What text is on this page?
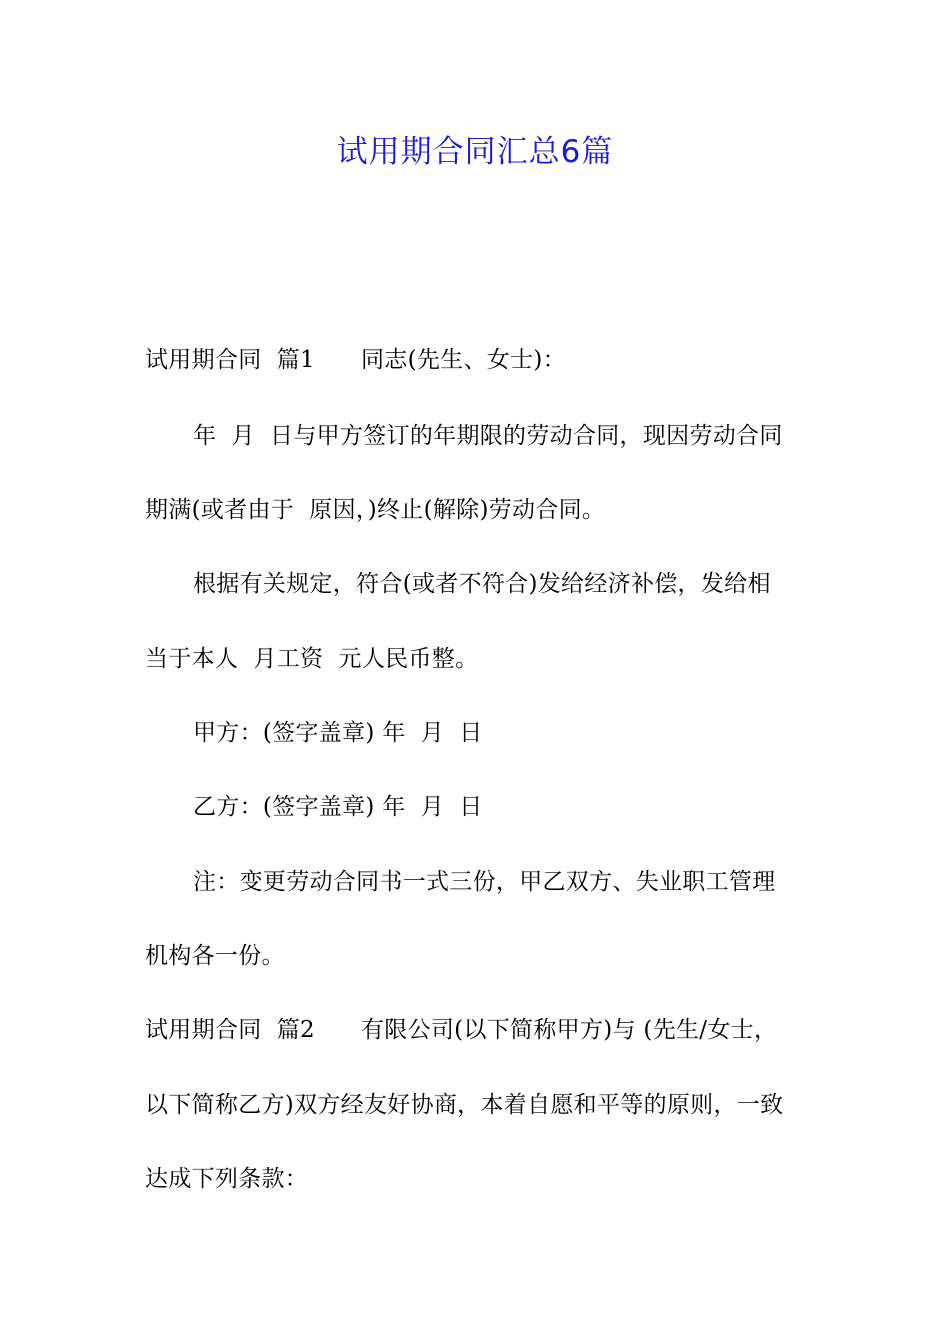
试用期合同汇总6篇
试用期合同  篇1 同志(先生、女士)：
年  月  日与甲方签订的年期限的劳动合同，现因劳动合同
期满(或者由于  原因，)终止(解除)劳动合同。
根据有关规定，符合(或者不符合)发给经济补偿，发给相
当于本人  月工资  元人民币整。
甲方：(签字盖章) 年  月  日
乙方：(签字盖章) 年  月  日
注：变更劳动合同书一式三份，甲乙双方、失业职工管理
机构各一份。
试用期合同  篇2 有限公司(以下简称甲方)与 (先生/女士，
以下简称乙方)双方经友好协商，本着自愿和平等的原则，一致
达成下列条款：
